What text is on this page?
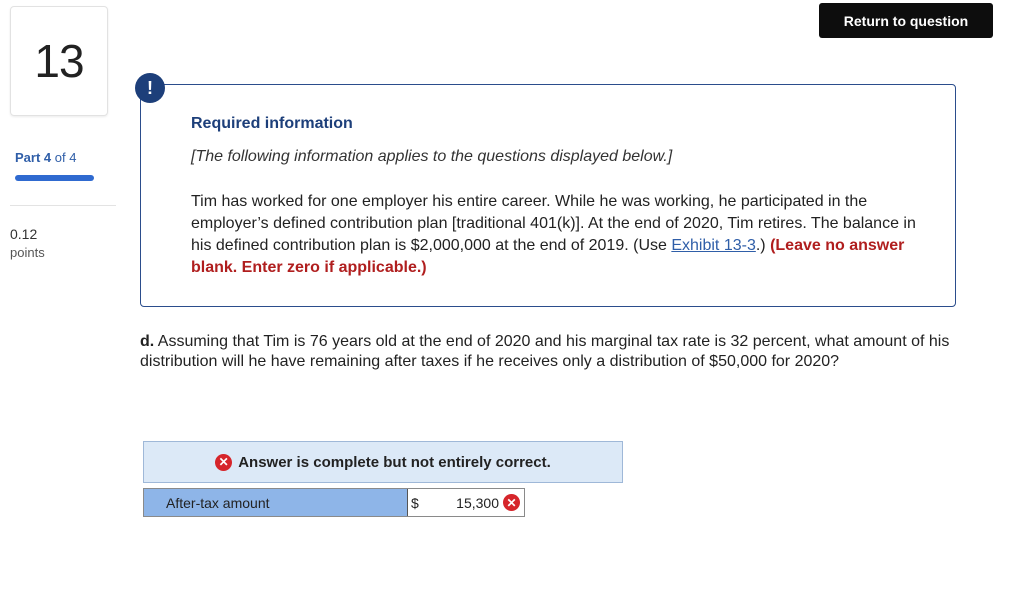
13
Part 4 of 4
0.12
points
Return to question
!
Required information
[The following information applies to the questions displayed below.]
Tim has worked for one employer his entire career. While he was working, he participated in the employer’s defined contribution plan [traditional 401(k)]. At the end of 2020, Tim retires. The balance in his defined contribution plan is $2,000,000 at the end of 2019. (Use Exhibit 13-3.) (Leave no answer blank. Enter zero if applicable.)
d. Assuming that Tim is 76 years old at the end of 2020 and his marginal tax rate is 32 percent, what amount of his distribution will he have remaining after taxes if he receives only a distribution of $50,000 for 2020?
✕ Answer is complete but not entirely correct.
After-tax amount	$	15,300 ✕
